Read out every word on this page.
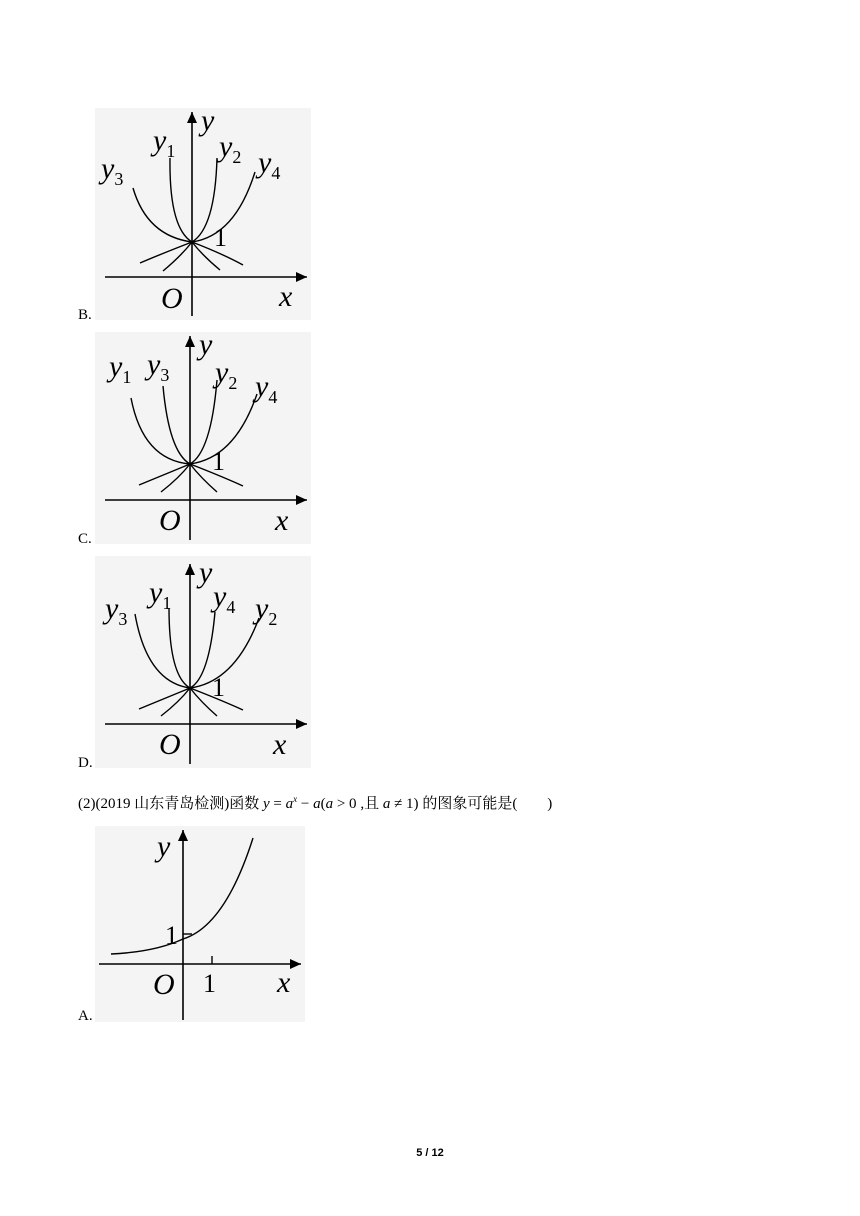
$y_3$
$y_1$ $y_2$ $y_4$
y
x
O
1
B.
$y_1$ $y_3$ $y_2$ $y_4$
y
x
O
1
C.
$y_3$
$y_1$ $y_4$ $y_2$
y
x
O
1
D.
(2)(2019 山东青岛检测)函数 $y = a^x - a(a > 0$ ,且 a ≠ 1) 的图象可能是(　　)
y
x
O
1
1
A.
5 / 12
